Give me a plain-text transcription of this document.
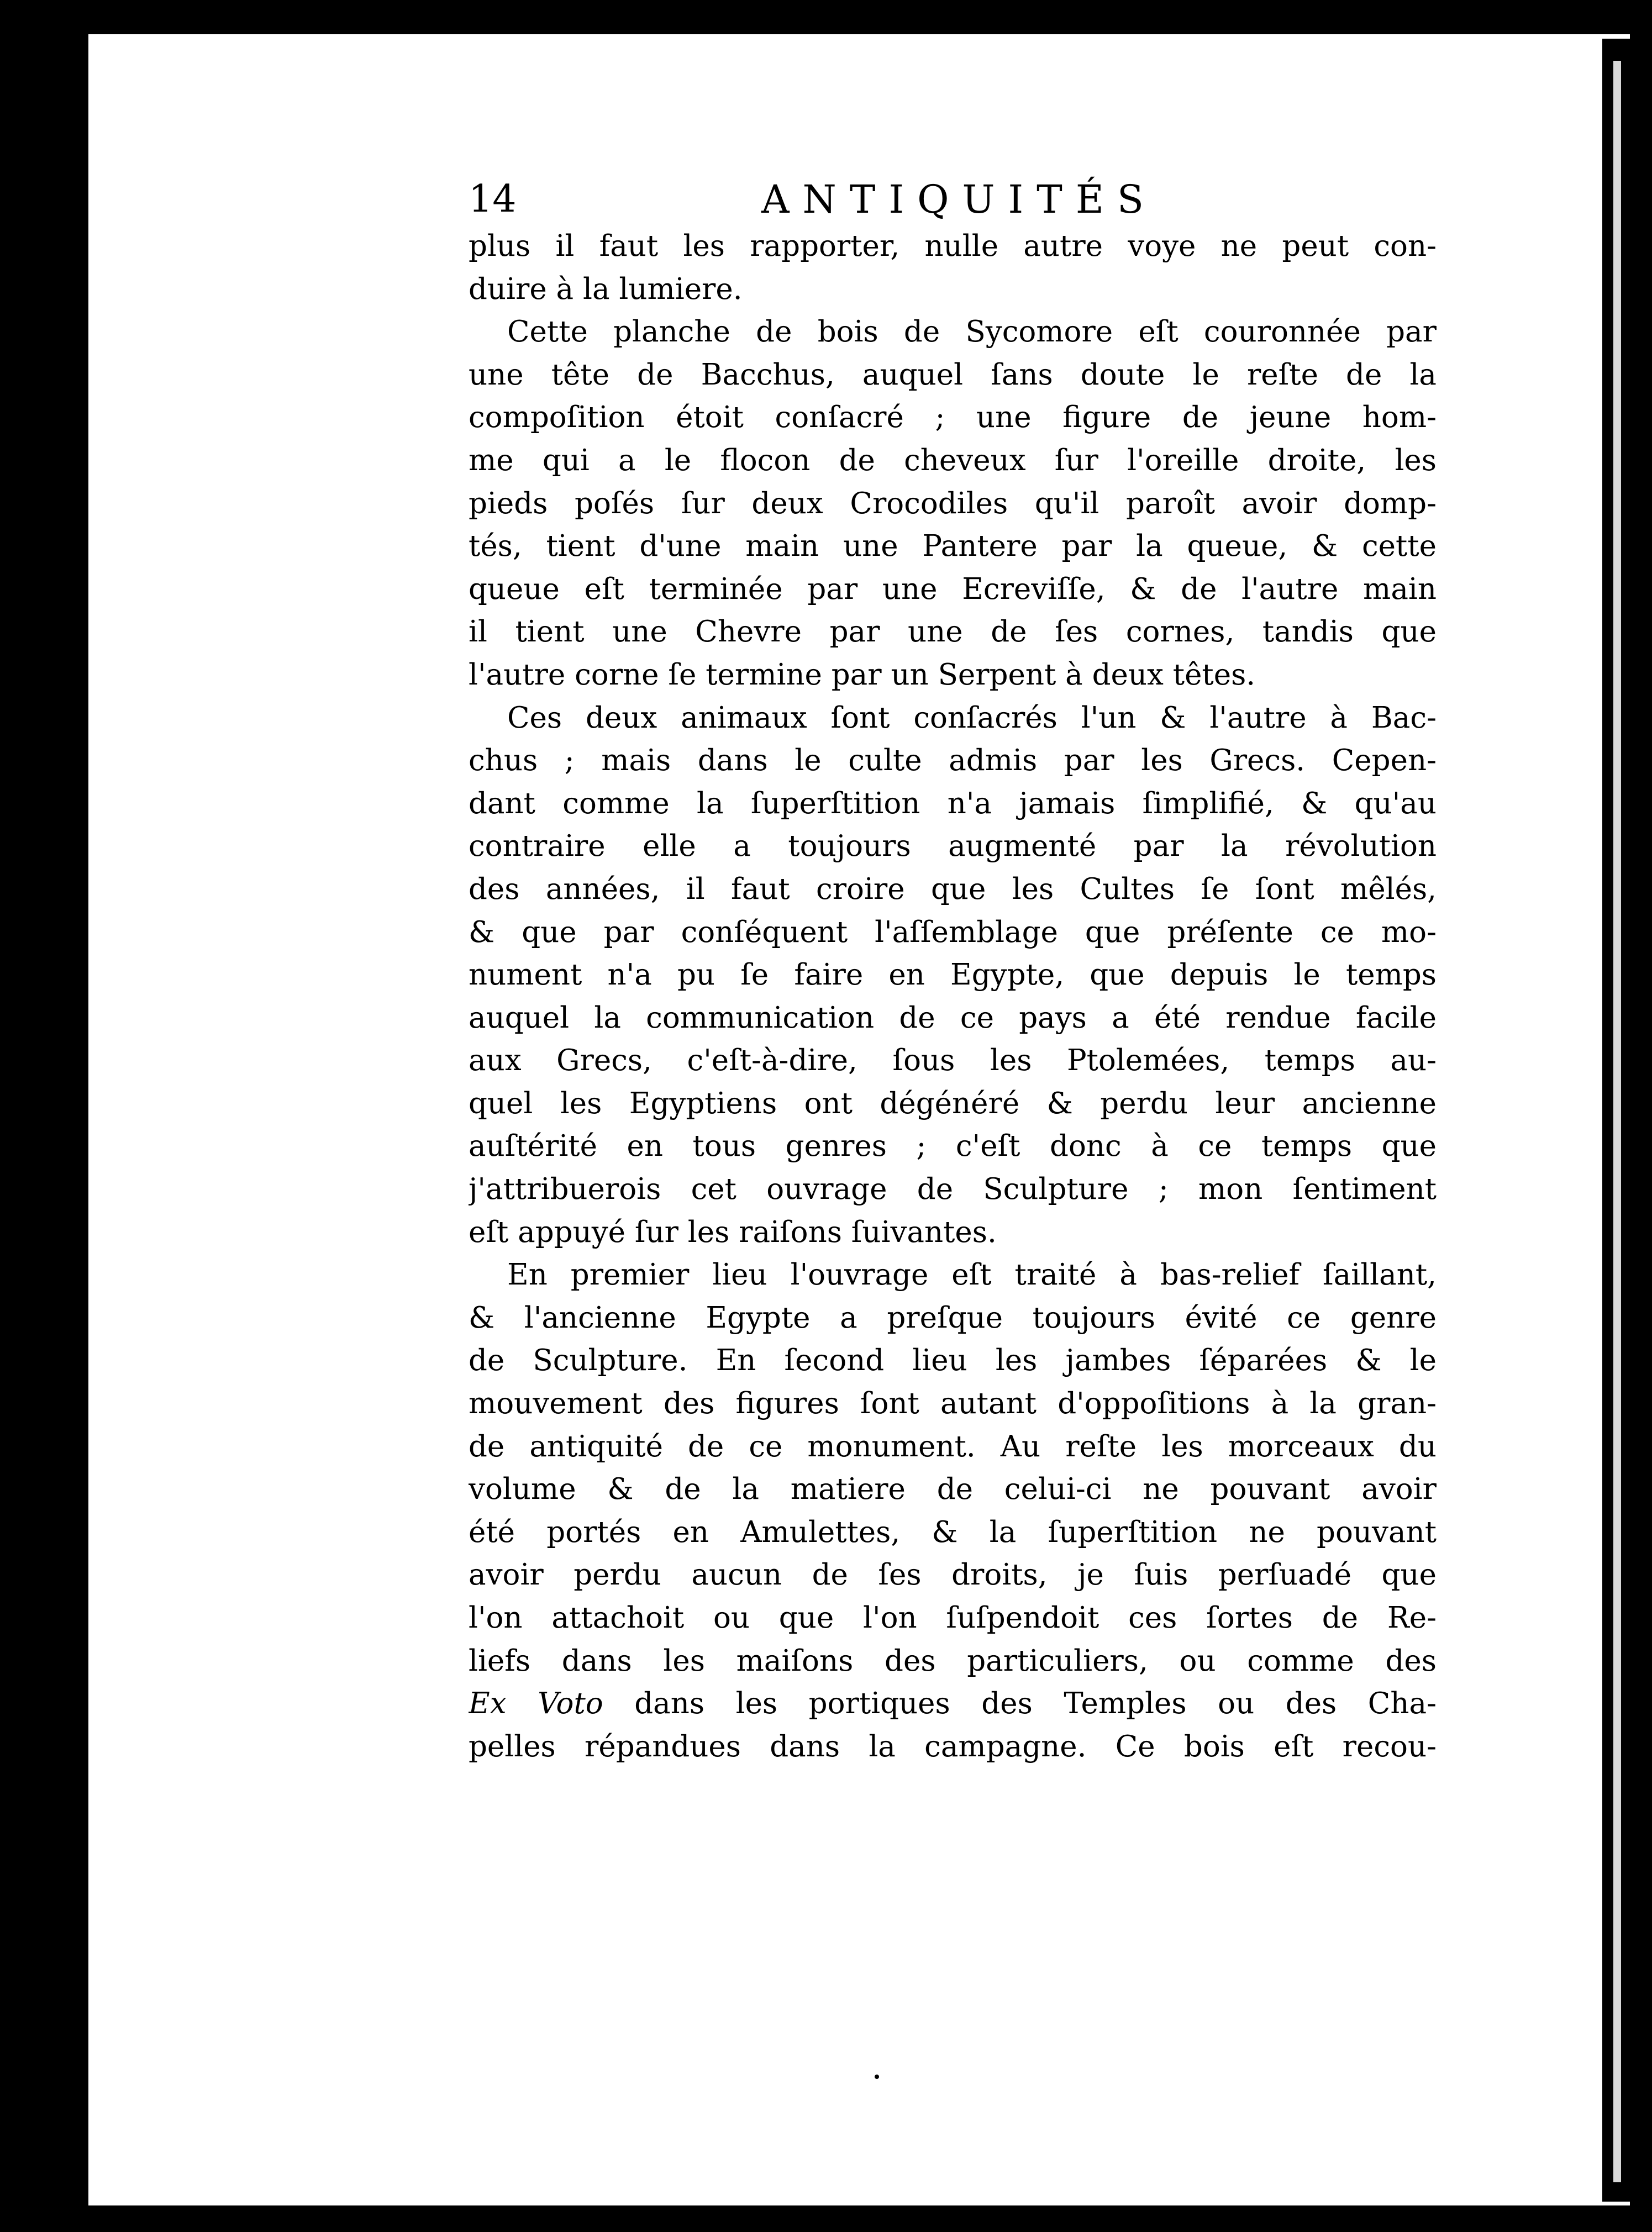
14	ANTIQUITÉS

plus il faut les rapporter, nulle autre voye ne peut con-
duire à la lumiere.

Cette planche de bois de Sycomore eſt couronnée par
une tête de Bacchus, auquel ſans doute le reſte de la
compoſition étoit conſacré ; une figure de jeune hom-
me qui a le flocon de cheveux ſur l'oreille droite, les
pieds poſés ſur deux Crocodiles qu'il paroît avoir domp-
tés, tient d'une main une Pantere par la queue, & cette
queue eſt terminée par une Ecreviſſe, & de l'autre main
il tient une Chevre par une de ſes cornes, tandis que
l'autre corne ſe termine par un Serpent à deux têtes.

Ces deux animaux ſont conſacrés l'un & l'autre à Bac-
chus ; mais dans le culte admis par les Grecs. Cepen-
dant comme la ſuperſtition n'a jamais ſimplifié, & qu'au
contraire elle a toujours augmenté par la révolution
des années, il faut croire que les Cultes ſe ſont mêlés,
& que par conſéquent l'aſſemblage que préſente ce mo-
nument n'a pu ſe faire en Egypte, que depuis le temps
auquel la communication de ce pays a été rendue facile
aux Grecs, c'eſt-à-dire, ſous les Ptolemées, temps au-
quel les Egyptiens ont dégénéré & perdu leur ancienne
auſtérité en tous genres ; c'eſt donc à ce temps que
j'attribuerois cet ouvrage de Sculpture ; mon ſentiment
eſt appuyé ſur les raiſons ſuivantes.

En premier lieu l'ouvrage eſt traité à bas-relief ſaillant,
& l'ancienne Egypte a preſque toujours évité ce genre
de Sculpture. En ſecond lieu les jambes ſéparées & le
mouvement des figures ſont autant d'oppoſitions à la gran-
de antiquité de ce monument. Au reſte les morceaux du
volume & de la matiere de celui-ci ne pouvant avoir
été portés en Amulettes, & la ſuperſtition ne pouvant
avoir perdu aucun de ſes droits, je ſuis perſuadé que
l'on attachoit ou que l'on ſuſpendoit ces ſortes de Re-
liefs dans les maiſons des particuliers, ou comme des
Ex Voto dans les portiques des Temples ou des Cha-
pelles répandues dans la campagne. Ce bois eſt recou-
